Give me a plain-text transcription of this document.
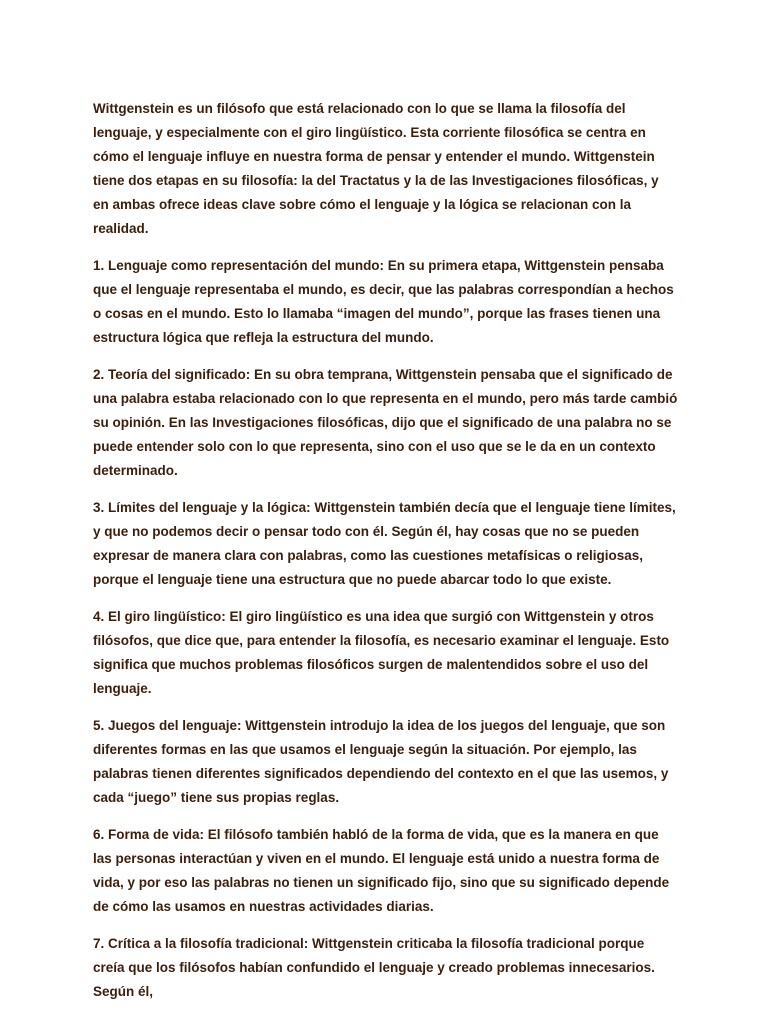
Wittgenstein es un filósofo que está relacionado con lo que se llama la filosofía del lenguaje, y especialmente con el giro lingüístico. Esta corriente filosófica se centra en cómo el lenguaje influye en nuestra forma de pensar y entender el mundo. Wittgenstein tiene dos etapas en su filosofía: la del Tractatus y la de las Investigaciones filosóficas, y en ambas ofrece ideas clave sobre cómo el lenguaje y la lógica se relacionan con la realidad.

1. Lenguaje como representación del mundo: En su primera etapa, Wittgenstein pensaba que el lenguaje representaba el mundo, es decir, que las palabras correspondían a hechos o cosas en el mundo. Esto lo llamaba “imagen del mundo”, porque las frases tienen una estructura lógica que refleja la estructura del mundo.

2. Teoría del significado: En su obra temprana, Wittgenstein pensaba que el significado de una palabra estaba relacionado con lo que representa en el mundo, pero más tarde cambió su opinión. En las Investigaciones filosóficas, dijo que el significado de una palabra no se puede entender solo con lo que representa, sino con el uso que se le da en un contexto determinado.

3. Límites del lenguaje y la lógica: Wittgenstein también decía que el lenguaje tiene límites, y que no podemos decir o pensar todo con él. Según él, hay cosas que no se pueden expresar de manera clara con palabras, como las cuestiones metafísicas o religiosas, porque el lenguaje tiene una estructura que no puede abarcar todo lo que existe.

4. El giro lingüístico: El giro lingüístico es una idea que surgió con Wittgenstein y otros filósofos, que dice que, para entender la filosofía, es necesario examinar el lenguaje. Esto significa que muchos problemas filosóficos surgen de malentendidos sobre el uso del lenguaje.

5. Juegos del lenguaje: Wittgenstein introdujo la idea de los juegos del lenguaje, que son diferentes formas en las que usamos el lenguaje según la situación. Por ejemplo, las palabras tienen diferentes significados dependiendo del contexto en el que las usemos, y cada “juego” tiene sus propias reglas.

6. Forma de vida: El filósofo también habló de la forma de vida, que es la manera en que las personas interactúan y viven en el mundo. El lenguaje está unido a nuestra forma de vida, y por eso las palabras no tienen un significado fijo, sino que su significado depende de cómo las usamos en nuestras actividades diarias.

7. Crítica a la filosofía tradicional: Wittgenstein criticaba la filosofía tradicional porque creía que los filósofos habían confundido el lenguaje y creado problemas innecesarios. Según él,
